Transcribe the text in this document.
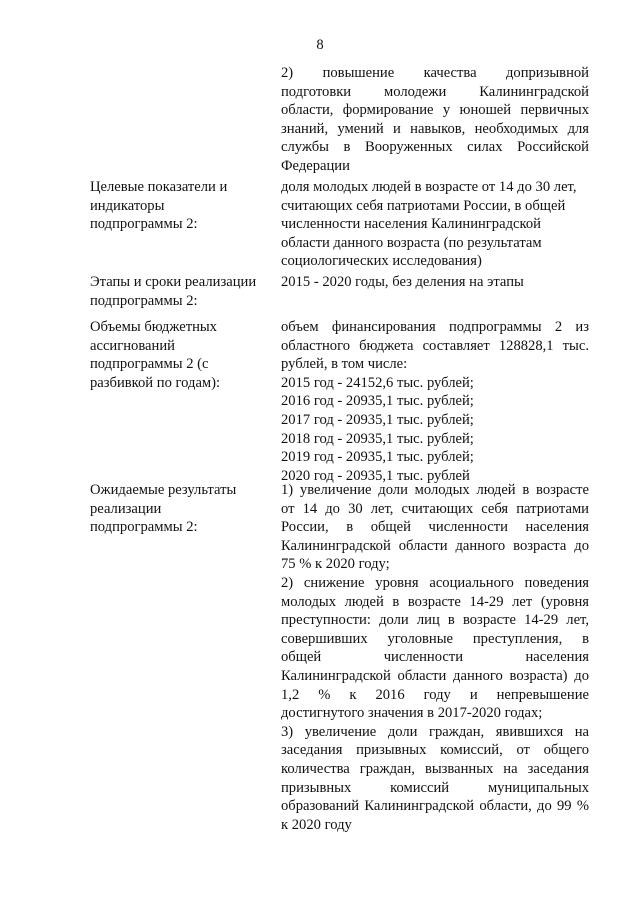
8
2) повышение качества допризывной
подготовки молодежи Калининградской
области, формирование у юношей первичных
знаний, умений и навыков, необходимых для
службы в Вооруженных силах Российской
Федерации
Целевые показатели и
индикаторы
подпрограммы 2:
доля молодых людей в возрасте от 14 до 30 лет,
считающих себя патриотами России, в общей
численности населения Калининградской
области данного возраста (по результатам
социологических исследования)
Этапы и сроки реализации
подпрограммы 2:
2015 - 2020 годы, без деления на этапы
Объемы бюджетных
ассигнований
подпрограммы 2 (с
разбивкой по годам):
объем финансирования подпрограммы 2 из
областного бюджета составляет 128828,1 тыс.
рублей, в том числе:
2015 год - 24152,6 тыс. рублей;
2016 год - 20935,1 тыс. рублей;
2017 год - 20935,1 тыс. рублей;
2018 год - 20935,1 тыс. рублей;
2019 год - 20935,1 тыс. рублей;
2020 год - 20935,1 тыс. рублей
Ожидаемые результаты
реализации
подпрограммы 2:
1) увеличение доли молодых людей в возрасте
от 14 до 30 лет, считающих себя патриотами
России, в общей численности населения
Калининградской области данного возраста до
75 % к 2020 году;
2) снижение уровня асоциального поведения
молодых людей в возрасте 14-29 лет (уровня
преступности: доли лиц в возрасте 14-29 лет,
совершивших уголовные преступления, в
общей численности населения
Калининградской области данного возраста) до
1,2 % к 2016 году и непревышение
достигнутого значения в 2017-2020 годах;
3) увеличение доли граждан, явившихся на
заседания призывных комиссий, от общего
количества граждан, вызванных на заседания
призывных комиссий муниципальных
образований Калининградской области, до 99 %
к 2020 году
